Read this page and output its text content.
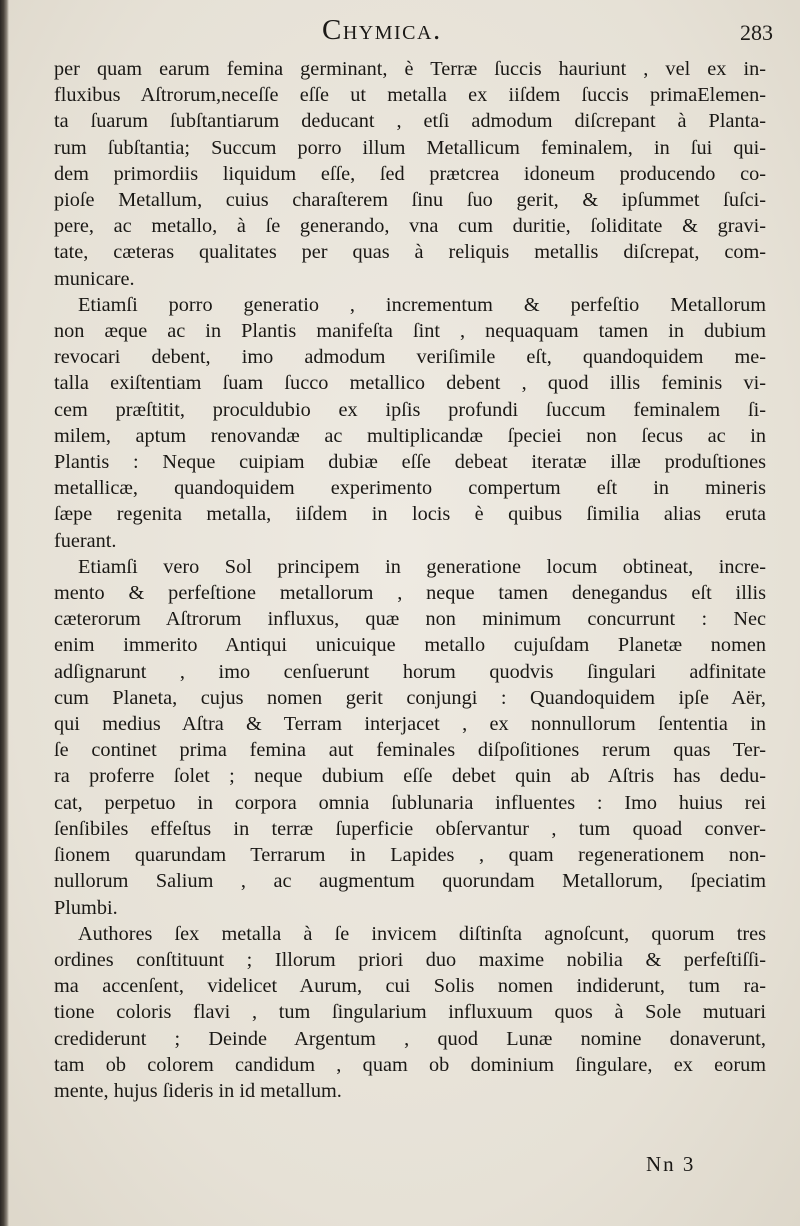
Chymica.	283
per quam earum femina germinant, è Terræ ſuccis hauriunt , vel ex in-
fluxibus Aſtrorum,neceſſe eſſe ut metalla ex iiſdem ſuccis primaElemen-
ta ſuarum ſubſtantiarum deducant , etſi admodum diſcrepant à Planta-
rum ſubſtantia; Succum porro illum Metallicum feminalem, in ſui qui-
dem primordiis liquidum eſſe, ſed prætcrea idoneum producendo co-
pioſe Metallum, cuius charaſterem ſinu ſuo gerit, & ipſummet ſuſci-
pere, ac metallo, à ſe generando, vna cum duritie, ſoliditate & gravi-
tate, cæteras qualitates per quas à reliquis metallis diſcrepat, com-
municare.
Etiamſi porro generatio , incrementum & perfeſtio Metallorum
non æque ac in Plantis manifeſta ſint , nequaquam tamen in dubium
revocari debent, imo admodum veriſimile eſt, quandoquidem me-
talla exiſtentiam ſuam ſucco metallico debent , quod illis feminis vi-
cem præſtitit, proculdubio ex ipſis profundi ſuccum feminalem ſi-
milem, aptum renovandæ ac multiplicandæ ſpeciei non ſecus ac in
Plantis : Neque cuipiam dubiæ eſſe debeat iteratæ illæ produſtiones
metallicæ, quandoquidem experimento compertum eſt in mineris
ſæpe regenita metalla, iiſdem in locis è quibus ſimilia alias eruta
fuerant.
Etiamſi vero Sol principem in generatione locum obtineat, incre-
mento & perfeſtione metallorum , neque tamen denegandus eſt illis
cæterorum Aſtrorum influxus, quæ non minimum concurrunt : Nec
enim immerito Antiqui unicuique metallo cujuſdam Planetæ nomen
adſignarunt , imo cenſuerunt horum quodvis ſingulari adfinitate
cum Planeta, cujus nomen gerit conjungi : Quandoquidem ipſe Aër,
qui medius Aſtra & Terram interjacet , ex nonnullorum ſententia in
ſe continet prima femina aut feminales diſpoſitiones rerum quas Ter-
ra proferre ſolet ; neque dubium eſſe debet quin ab Aſtris has dedu-
cat, perpetuo in corpora omnia ſublunaria influentes : Imo huius rei
ſenſibiles effeſtus in terræ ſuperficie obſervantur , tum quoad conver-
ſionem quarundam Terrarum in Lapides , quam regenerationem non-
nullorum Salium , ac augmentum quorundam Metallorum, ſpeciatim
Plumbi.
Authores ſex metalla à ſe invicem diſtinſta agnoſcunt, quorum tres
ordines conſtituunt ; Illorum priori duo maxime nobilia & perfeſtiſſi-
ma accenſent, videlicet Aurum, cui Solis nomen indiderunt, tum ra-
tione coloris flavi , tum ſingularium influxuum quos à Sole mutuari
crediderunt ; Deinde Argentum , quod Lunæ nomine donaverunt,
tam ob colorem candidum , quam ob dominium ſingulare, ex eorum
mente, hujus ſideris in id metallum.
Nn 3
